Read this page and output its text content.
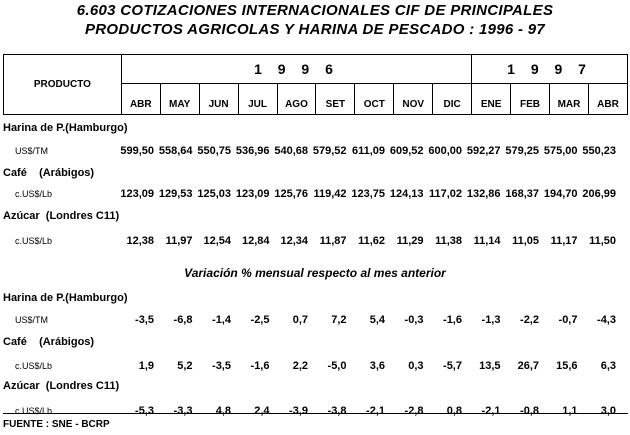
6.603 COTIZACIONES INTERNACIONALES CIF DE PRINCIPALES
PRODUCTOS AGRICOLAS Y HARINA DE PESCADO : 1996 - 97
PRODUCTO	1 9 9 6									1 9 9 7			
	ABR	MAY	JUN	JUL	AGO	SET	OCT	NOV	DIC	ENE	FEB	MAR	ABR
Harina de P.(Hamburgo)
US$/TM	599,50 558,64 550,75 536,96 540,68 579,52 611,09 609,52 600,00 592,27 579,25 575,00 550,23
Café    (Arábigos)
c.US$/Lb	123,09 129,53 125,03 123,09 125,76 119,42 123,75 124,13 117,02 132,86 168,37 194,70 206,99
Azúcar  (Londres C11)
c.US$/Lb	12,38	11,97 12,54 12,84 12,34	11,87	11,62	11,29	11,38	11,14	11,05	11,17	11,50
Harina de P.(Hamburgo)
US$/TM	-3,5	-6,8	-1,4	-2,5	0,7	7,2	5,4	-0,3	-1,6	-1,3	-2,2	-0,7	-4,3
Café    (Arábigos)
c.US$/Lb	1,9	5,2	-3,5	-1,6	2,2	-5,0	3,6	0,3	-5,7	13,5	26,7	15,6	6,3
Azúcar  (Londres C11)
c.US$/Lb	-5,3	-3,3	4,8	2,4	-3,9	-3,8	-2,1	-2,8	0,8	-2,1	-0,8	1,1	3,0
Variación % mensual respecto al mes anterior
FUENTE : SNE - BCRP
